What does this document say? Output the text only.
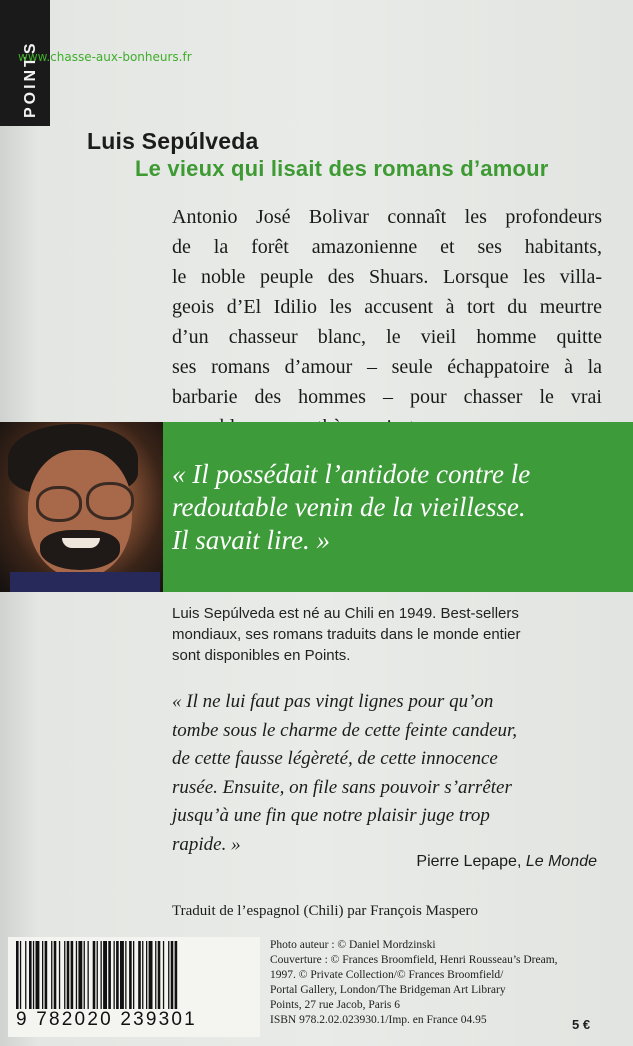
POINTS
www.chasse-aux-bonheurs.fr
Luis Sepúlveda
Le vieux qui lisait des romans d’amour

Antonio José Bolivar connaît les profondeurs
de la forêt amazonienne et ses habitants,
le noble peuple des Shuars. Lorsque les villa-
geois d’El Idilio les accusent à tort du meurtre
d’un chasseur blanc, le vieil homme quitte
ses romans d’amour – seule échappatoire à la
barbarie des hommes – pour chasser le vrai

« Il possédait l’antidote contre le
redoutable venin de la vieillesse.
Il savait lire. »

Luis Sepúlveda est né au Chili en 1949. Best-sellers
mondiaux, ses romans traduits dans le monde entier
sont disponibles en Points.

« Il ne lui faut pas vingt lignes pour qu’on
tombe sous le charme de cette feinte candeur,
de cette fausse légèreté, de cette innocence
rusée. Ensuite, on file sans pouvoir s’arrêter
jusqu’à une fin que notre plaisir juge trop
rapide. »

Pierre Lepape, Le Monde
Traduit de l’espagnol (Chili) par François Maspero
9 782020 239301

Photo auteur : © Daniel Mordzinski
Couverture : © Frances Broomfield, Henri Rousseau’s Dream,
1997. © Private Collection/© Frances Broomfield/
Portal Gallery, London/The Bridgeman Art Library
Points, 27 rue Jacob, Paris 6
ISBN 978.2.02.023930.1/Imp. en France 04.95	5 €
